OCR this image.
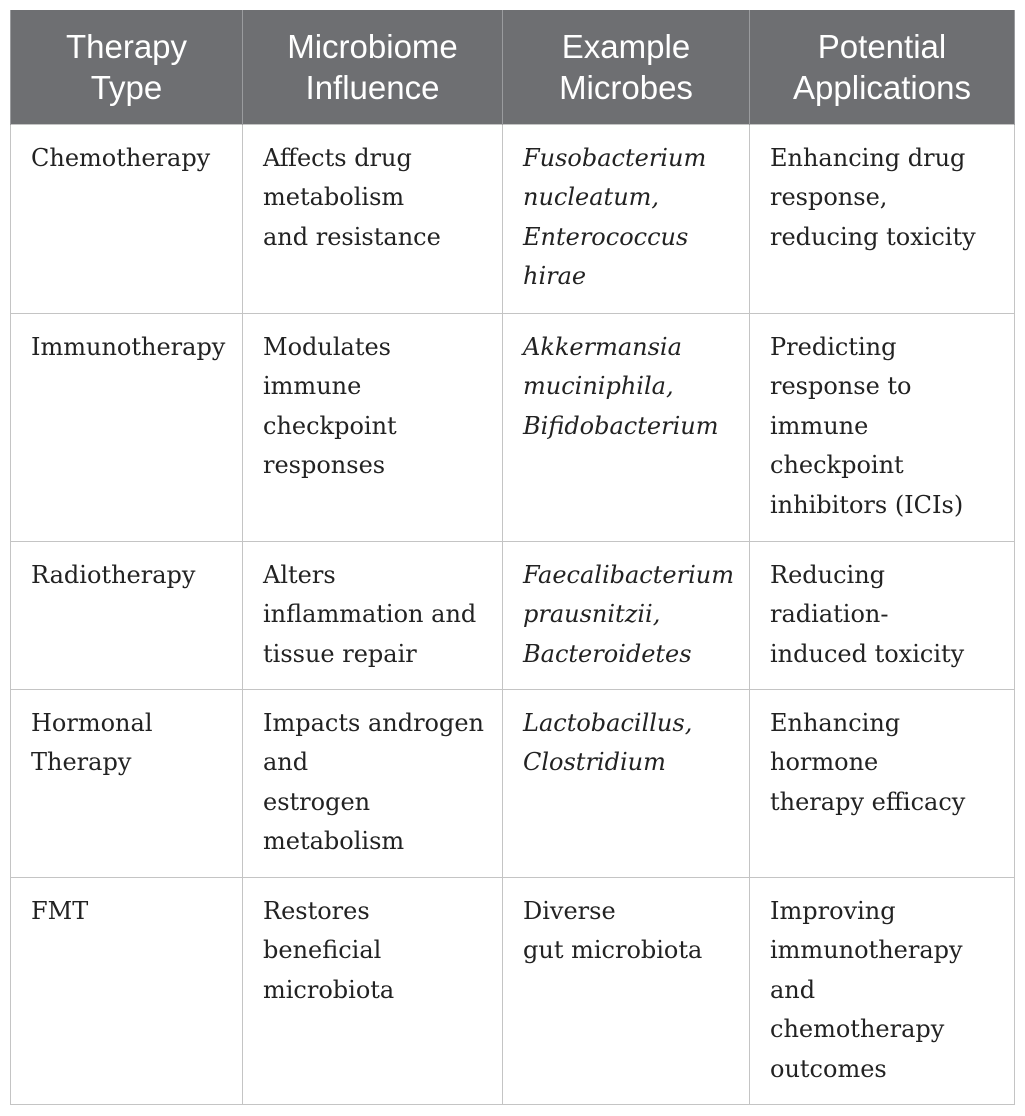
Therapy
Type	Microbiome
Influence	Example
Microbes	Potential
Applications

Chemotherapy	Affects drug
metabolism
and resistance	Fusobacterium
nucleatum,
Enterococcus
hirae	Enhancing drug
response,
reducing toxicity

Immunotherapy	Modulates
immune
checkpoint
responses	Akkermansia
muciniphila,
Bifidobacterium	Predicting
response to
immune
checkpoint
inhibitors (ICIs)

Radiotherapy	Alters
inflammation and
tissue repair	Faecalibacterium
prausnitzii,
Bacteroidetes	Reducing
radiation-
induced toxicity

Hormonal
Therapy	Impacts androgen
and
estrogen
metabolism	Lactobacillus,
Clostridium	Enhancing
hormone
therapy efficacy

FMT	Restores
beneficial
microbiota	Diverse
gut microbiota	Improving
immunotherapy
and
chemotherapy
outcomes
